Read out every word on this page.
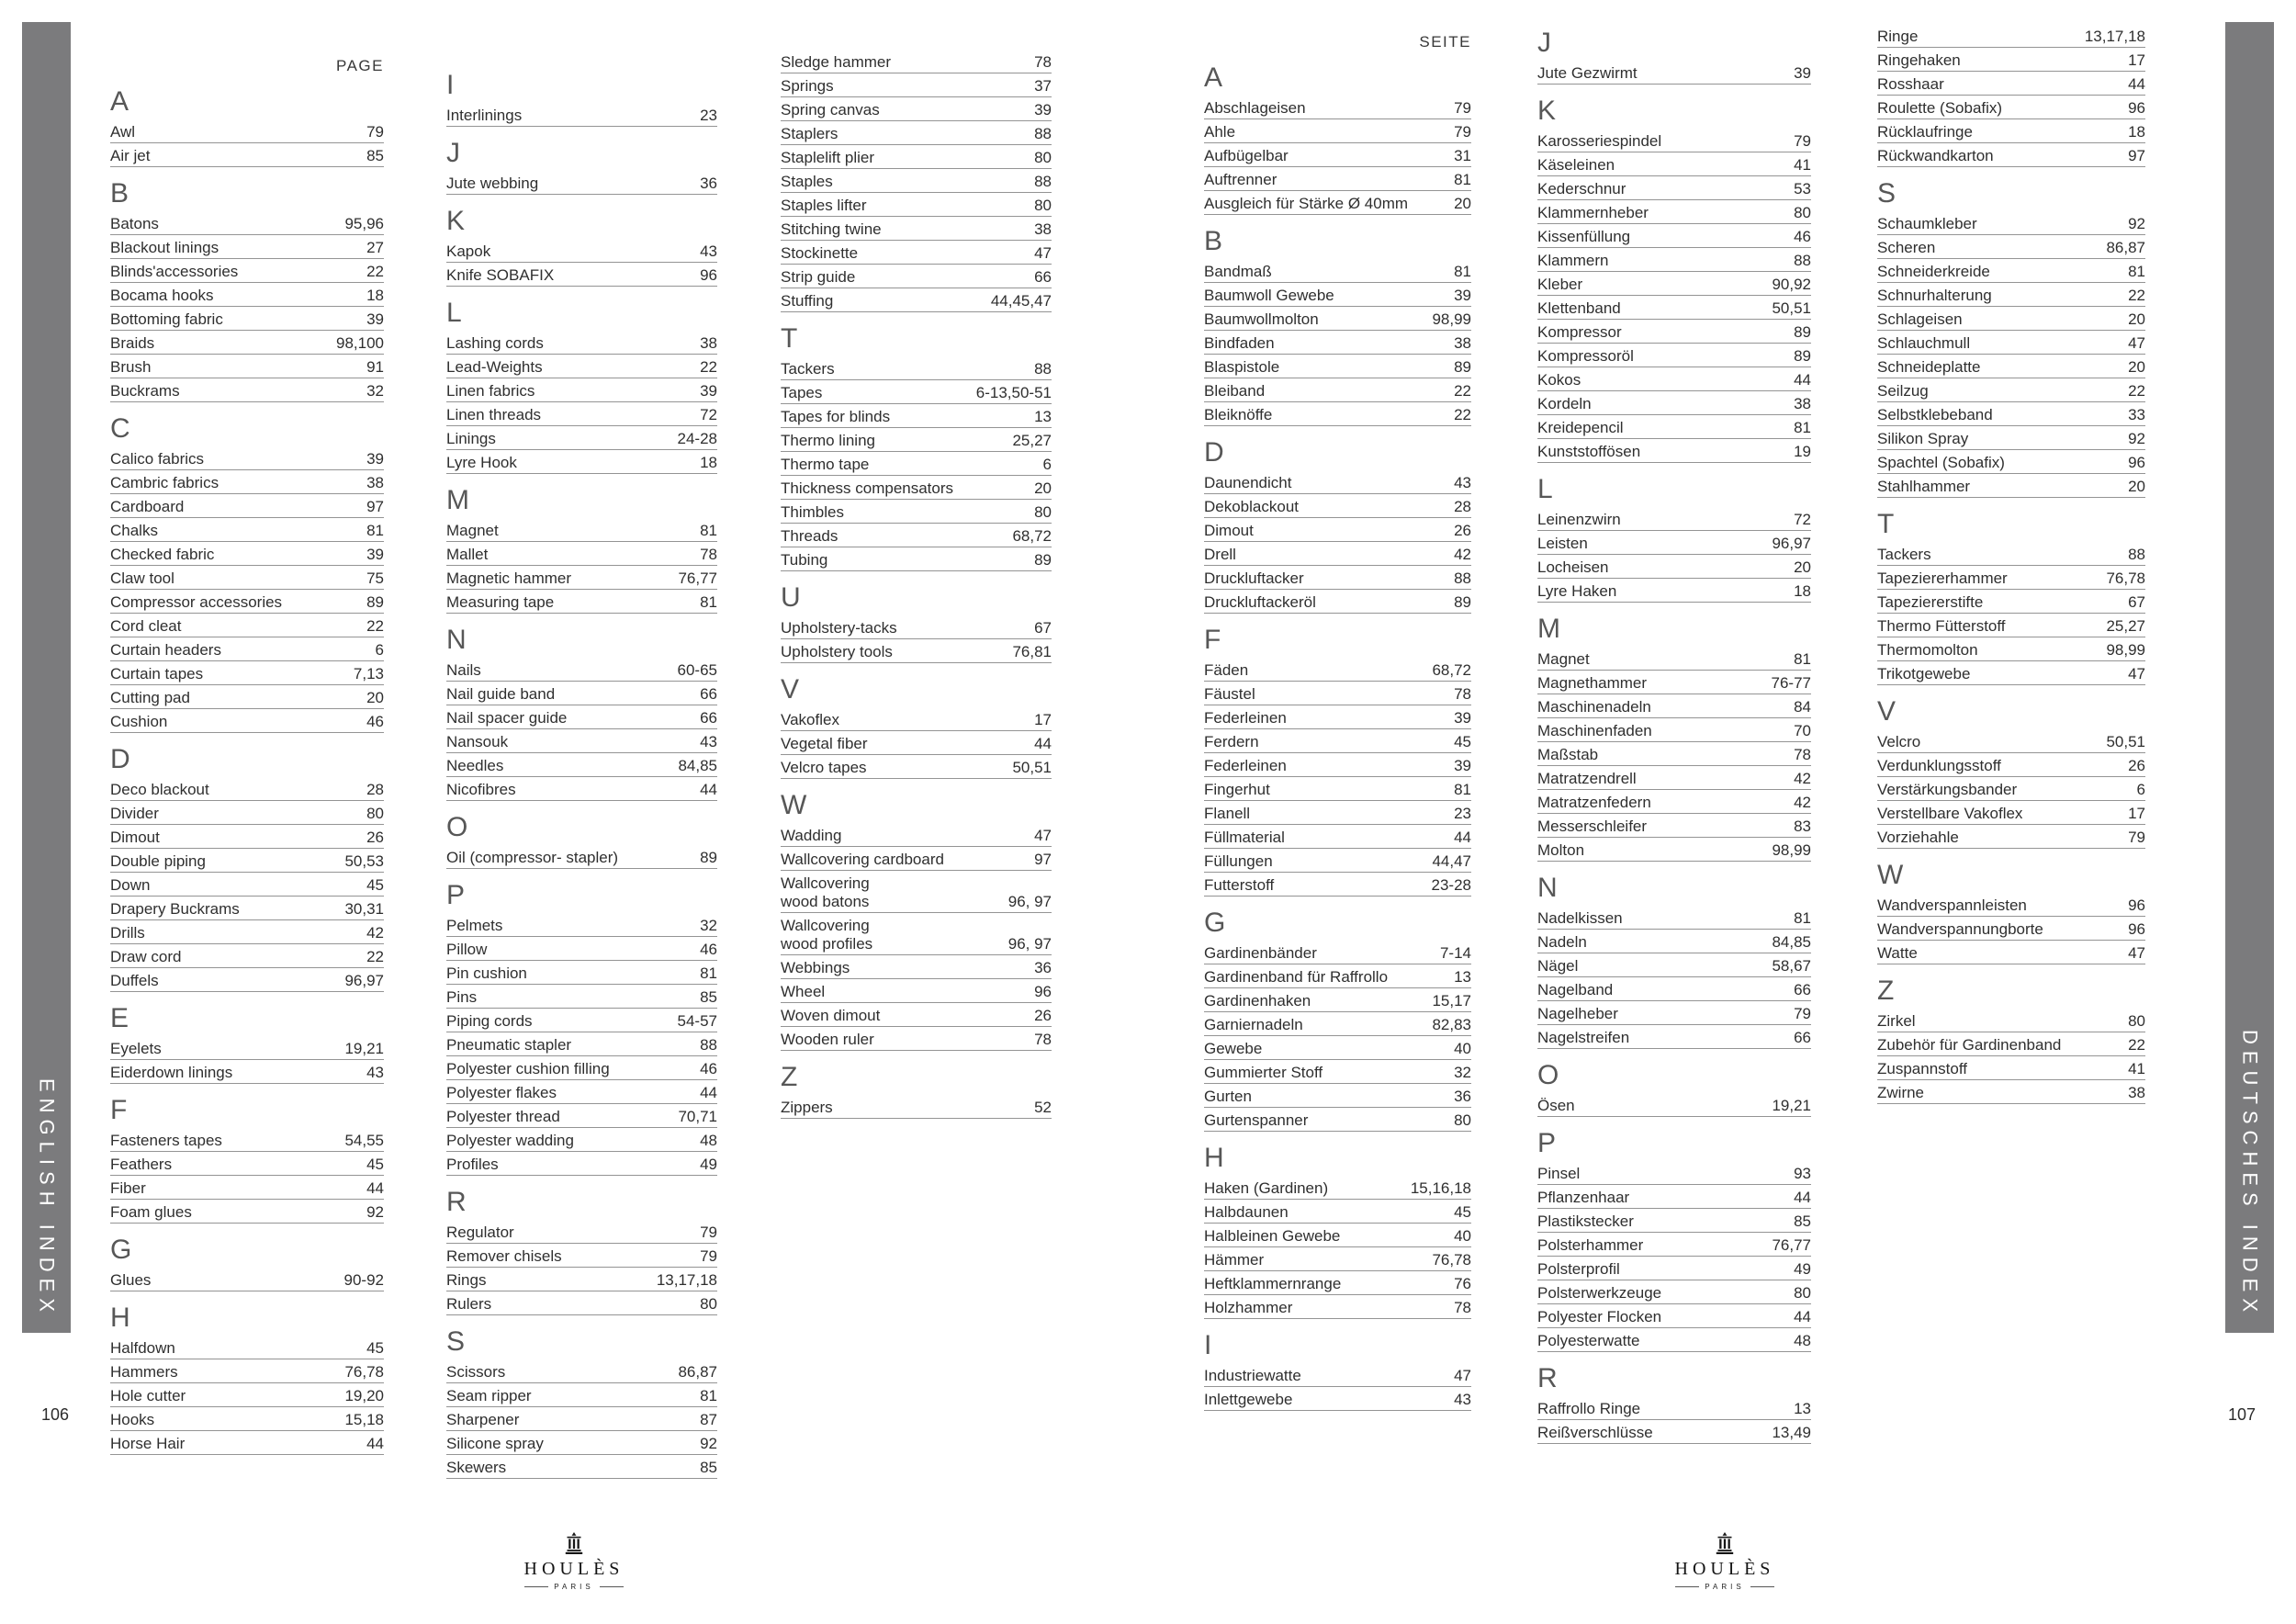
ENGLISH INDEX	DEUTSCHES INDEX
PAGE
A
Awl	79
Air jet	85
B
Batons	95,96
Blackout linings	27
Blinds'accessories	22
Bocama hooks	18
Bottoming fabric	39
Braids	98,100
Brush	91
Buckrams	32
C
Calico fabrics	39
Cambric fabrics	38
Cardboard	97
Chalks	81
Checked fabric	39
Claw tool	75
Compressor accessories	89
Cord cleat	22
Curtain headers	6
Curtain tapes	7,13
Cutting pad	20
Cushion	46
D
Deco blackout	28
Divider	80
Dimout	26
Double piping	50,53
Down	45
Drapery Buckrams	30,31
Drills	42
Draw cord	22
Duffels	96,97
E
Eyelets	19,21
Eiderdown linings	43
F
Fasteners tapes	54,55
Feathers	45
Fiber	44
Foam glues	92
G
Glues	90-92
H
Halfdown	45
Hammers	76,78
Hole cutter	19,20
Hooks	15,18
Horse Hair	44
I
Interlinings	23
J
Jute webbing	36
K
Kapok	43
Knife SOBAFIX	96
L
Lashing cords	38
Lead-Weights	22
Linen fabrics	39
Linen threads	72
Linings	24-28
Lyre Hook	18
M
Magnet	81
Mallet	78
Magnetic hammer	76,77
Measuring tape	81
N
Nails	60-65
Nail guide band	66
Nail spacer guide	66
Nansouk	43
Needles	84,85
Nicofibres	44
O
Oil (compressor- stapler)	89
P
Pelmets	32
Pillow	46
Pin cushion	81
Pins	85
Piping cords	54-57
Pneumatic stapler	88
Polyester cushion filling	46
Polyester flakes	44
Polyester thread	70,71
Polyester wadding	48
Profiles	49
R
Regulator	79
Remover chisels	79
Rings	13,17,18
Rulers	80
S
Scissors	86,87
Seam ripper	81
Sharpener	87
Silicone spray	92
Skewers	85
Sledge hammer	78
Springs	37
Spring canvas	39
Staplers	88
Staplelift plier	80
Staples	88
Staples lifter	80
Stitching twine	38
Stockinette	47
Strip guide	66
Stuffing	44,45,47
T
Tackers	88
Tapes	6-13,50-51
Tapes for blinds	13
Thermo lining	25,27
Thermo tape	6
Thickness compensators	20
Thimbles	80
Threads	68,72
Tubing	89
U
Upholstery-tacks	67
Upholstery tools	76,81
V
Vakoflex	17
Vegetal fiber	44
Velcro tapes	50,51
W
Wadding	47
Wallcovering cardboard	97
Wallcovering
wood batons	96, 97
Wallcovering
wood profiles	96, 97
Webbings	36
Wheel	96
Woven dimout	26
Wooden ruler	78
Z
Zippers	52
SEITE
A
Abschlageisen	79
Ahle	79
Aufbügelbar	31
Auftrenner	81
Ausgleich für Stärke Ø 40mm	20
B
Bandmaß	81
Baumwoll Gewebe	39
Baumwollmolton	98,99
Bindfaden	38
Blaspistole	89
Bleiband	22
Bleiknöffe	22
D
Daunendicht	43
Dekoblackout	28
Dimout	26
Drell	42
Druckluftacker	88
Druckluftackeröl	89
F
Fäden	68,72
Fäustel	78
Federleinen	39
Ferdern	45
Federleinen	39
Fingerhut	81
Flanell	23
Füllmaterial	44
Füllungen	44,47
Futterstoff	23-28
G
Gardinenbänder	7-14
Gardinenband für Raffrollo	13
Gardinenhaken	15,17
Garniernadeln	82,83
Gewebe	40
Gummierter Stoff	32
Gurten	36
Gurtenspanner	80
H
Haken (Gardinen)	15,16,18
Halbdaunen	45
Halbleinen Gewebe	40
Hämmer	76,78
Heftklammernrange	76
Holzhammer	78
I
Industriewatte	47
Inlettgewebe	43
J
Jute Gezwirmt	39
K
Karosseriespindel	79
Käseleinen	41
Kederschnur	53
Klammernheber	80
Kissenfüllung	46
Klammern	88
Kleber	90,92
Klettenband	50,51
Kompressor	89
Kompressoröl	89
Kokos	44
Kordeln	38
Kreidepencil	81
Kunststoffösen	19
L
Leinenzwirn	72
Leisten	96,97
Locheisen	20
Lyre Haken	18
M
Magnet	81
Magnethammer	76-77
Maschinenadeln	84
Maschinenfaden	70
Maßstab	78
Matratzendrell	42
Matratzenfedern	42
Messerschleifer	83
Molton	98,99
N
Nadelkissen	81
Nadeln	84,85
Nägel	58,67
Nagelband	66
Nagelheber	79
Nagelstreifen	66
O
Ösen	19,21
P
Pinsel	93
Pflanzenhaar	44
Plastikstecker	85
Polsterhammer	76,77
Polsterprofil	49
Polsterwerkzeuge	80
Polyester Flocken	44
Polyesterwatte	48
R
Raffrollo Ringe	13
Reißverschlüsse	13,49
Ringe	13,17,18
Ringehaken	17
Rosshaar	44
Roulette (Sobafix)	96
Rücklaufringe	18
Rückwandkarton	97
S
Schaumkleber	92
Scheren	86,87
Schneiderkreide	81
Schnurhalterung	22
Schlageisen	20
Schlauchmull	47
Schneideplatte	20
Seilzug	22
Selbstklebeband	33
Silikon Spray	92
Spachtel (Sobafix)	96
Stahlhammer	20
T
Tackers	88
Tapeziererhammer	76,78
Tapeziererstifte	67
Thermo Fütterstoff	25,27
Thermomolton	98,99
Trikotgewebe	47
V
Velcro	50,51
Verdunklungsstoff	26
Verstärkungsbander	6
Verstellbare Vakoflex	17
Vorziehahle	79
W
Wandverspannleisten	96
Wandverspannungborte	96
Watte	47
Z
Zirkel	80
Zubehör für Gardinenband	22
Zuspannstoff	41
Zwirne	38
106	107
HOULÈS
PARIS
HOULÈS
PARIS
